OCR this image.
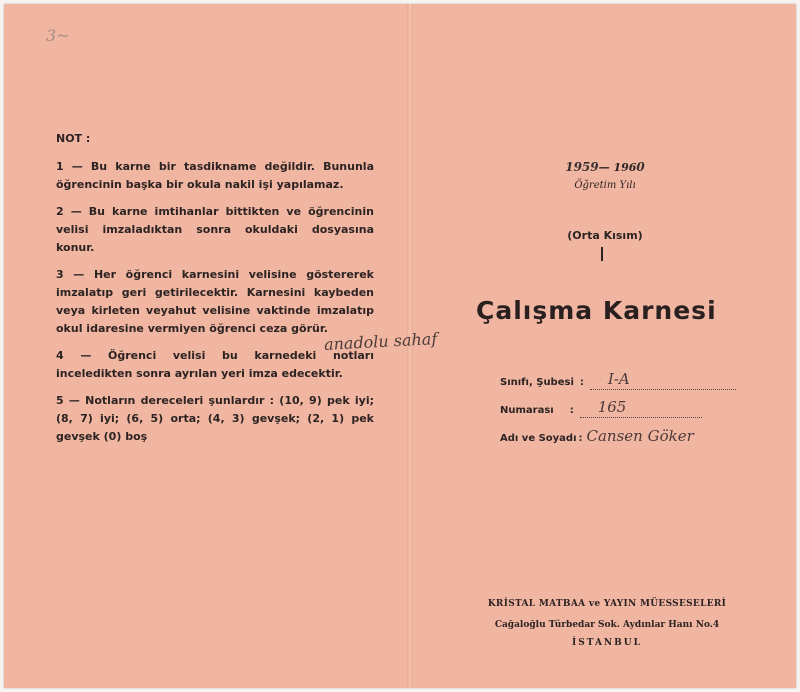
3~

NOT :

1 — Bu karne bir tasdikname değildir. Bununla öğrencinin başka bir okula nakil işi yapılamaz.

2 — Bu karne imtihanlar bittikten ve öğrencinin velisi imzaladıktan sonra okuldaki dosyasına konur.

3 — Her öğrenci karnesini velisine göstererek imzalatıp geri getirilecektir. Karnesini kaybeden veya kirleten veyahut velisine vaktinde imzalatıp okul idaresine vermiyen öğrenci ceza görür.

4 — Öğrenci velisi bu karnedeki notları inceledikten sonra ayrılan yeri imza edecektir.

5 — Notların dereceleri şunlardır : (10, 9) pek iyi; (8, 7) iyi; (6, 5) orta; (4, 3) gevşek; (2, 1) pek gevşek (0) boş

1959— 1960
Öğretim Yılı
(Orta Kısım)
Çalışma Karnesi
anadolu sahaf
Sınıfı, Şubesi :	I-A
Numarası	:	165
Adı ve Soyadı : Cansen Göker
KRİSTAL MATBAA ve YAYIN MÜESSESELERİ
Cağaloğlu Türbedar Sok. Aydınlar Hanı No.4
İSTANBUL
